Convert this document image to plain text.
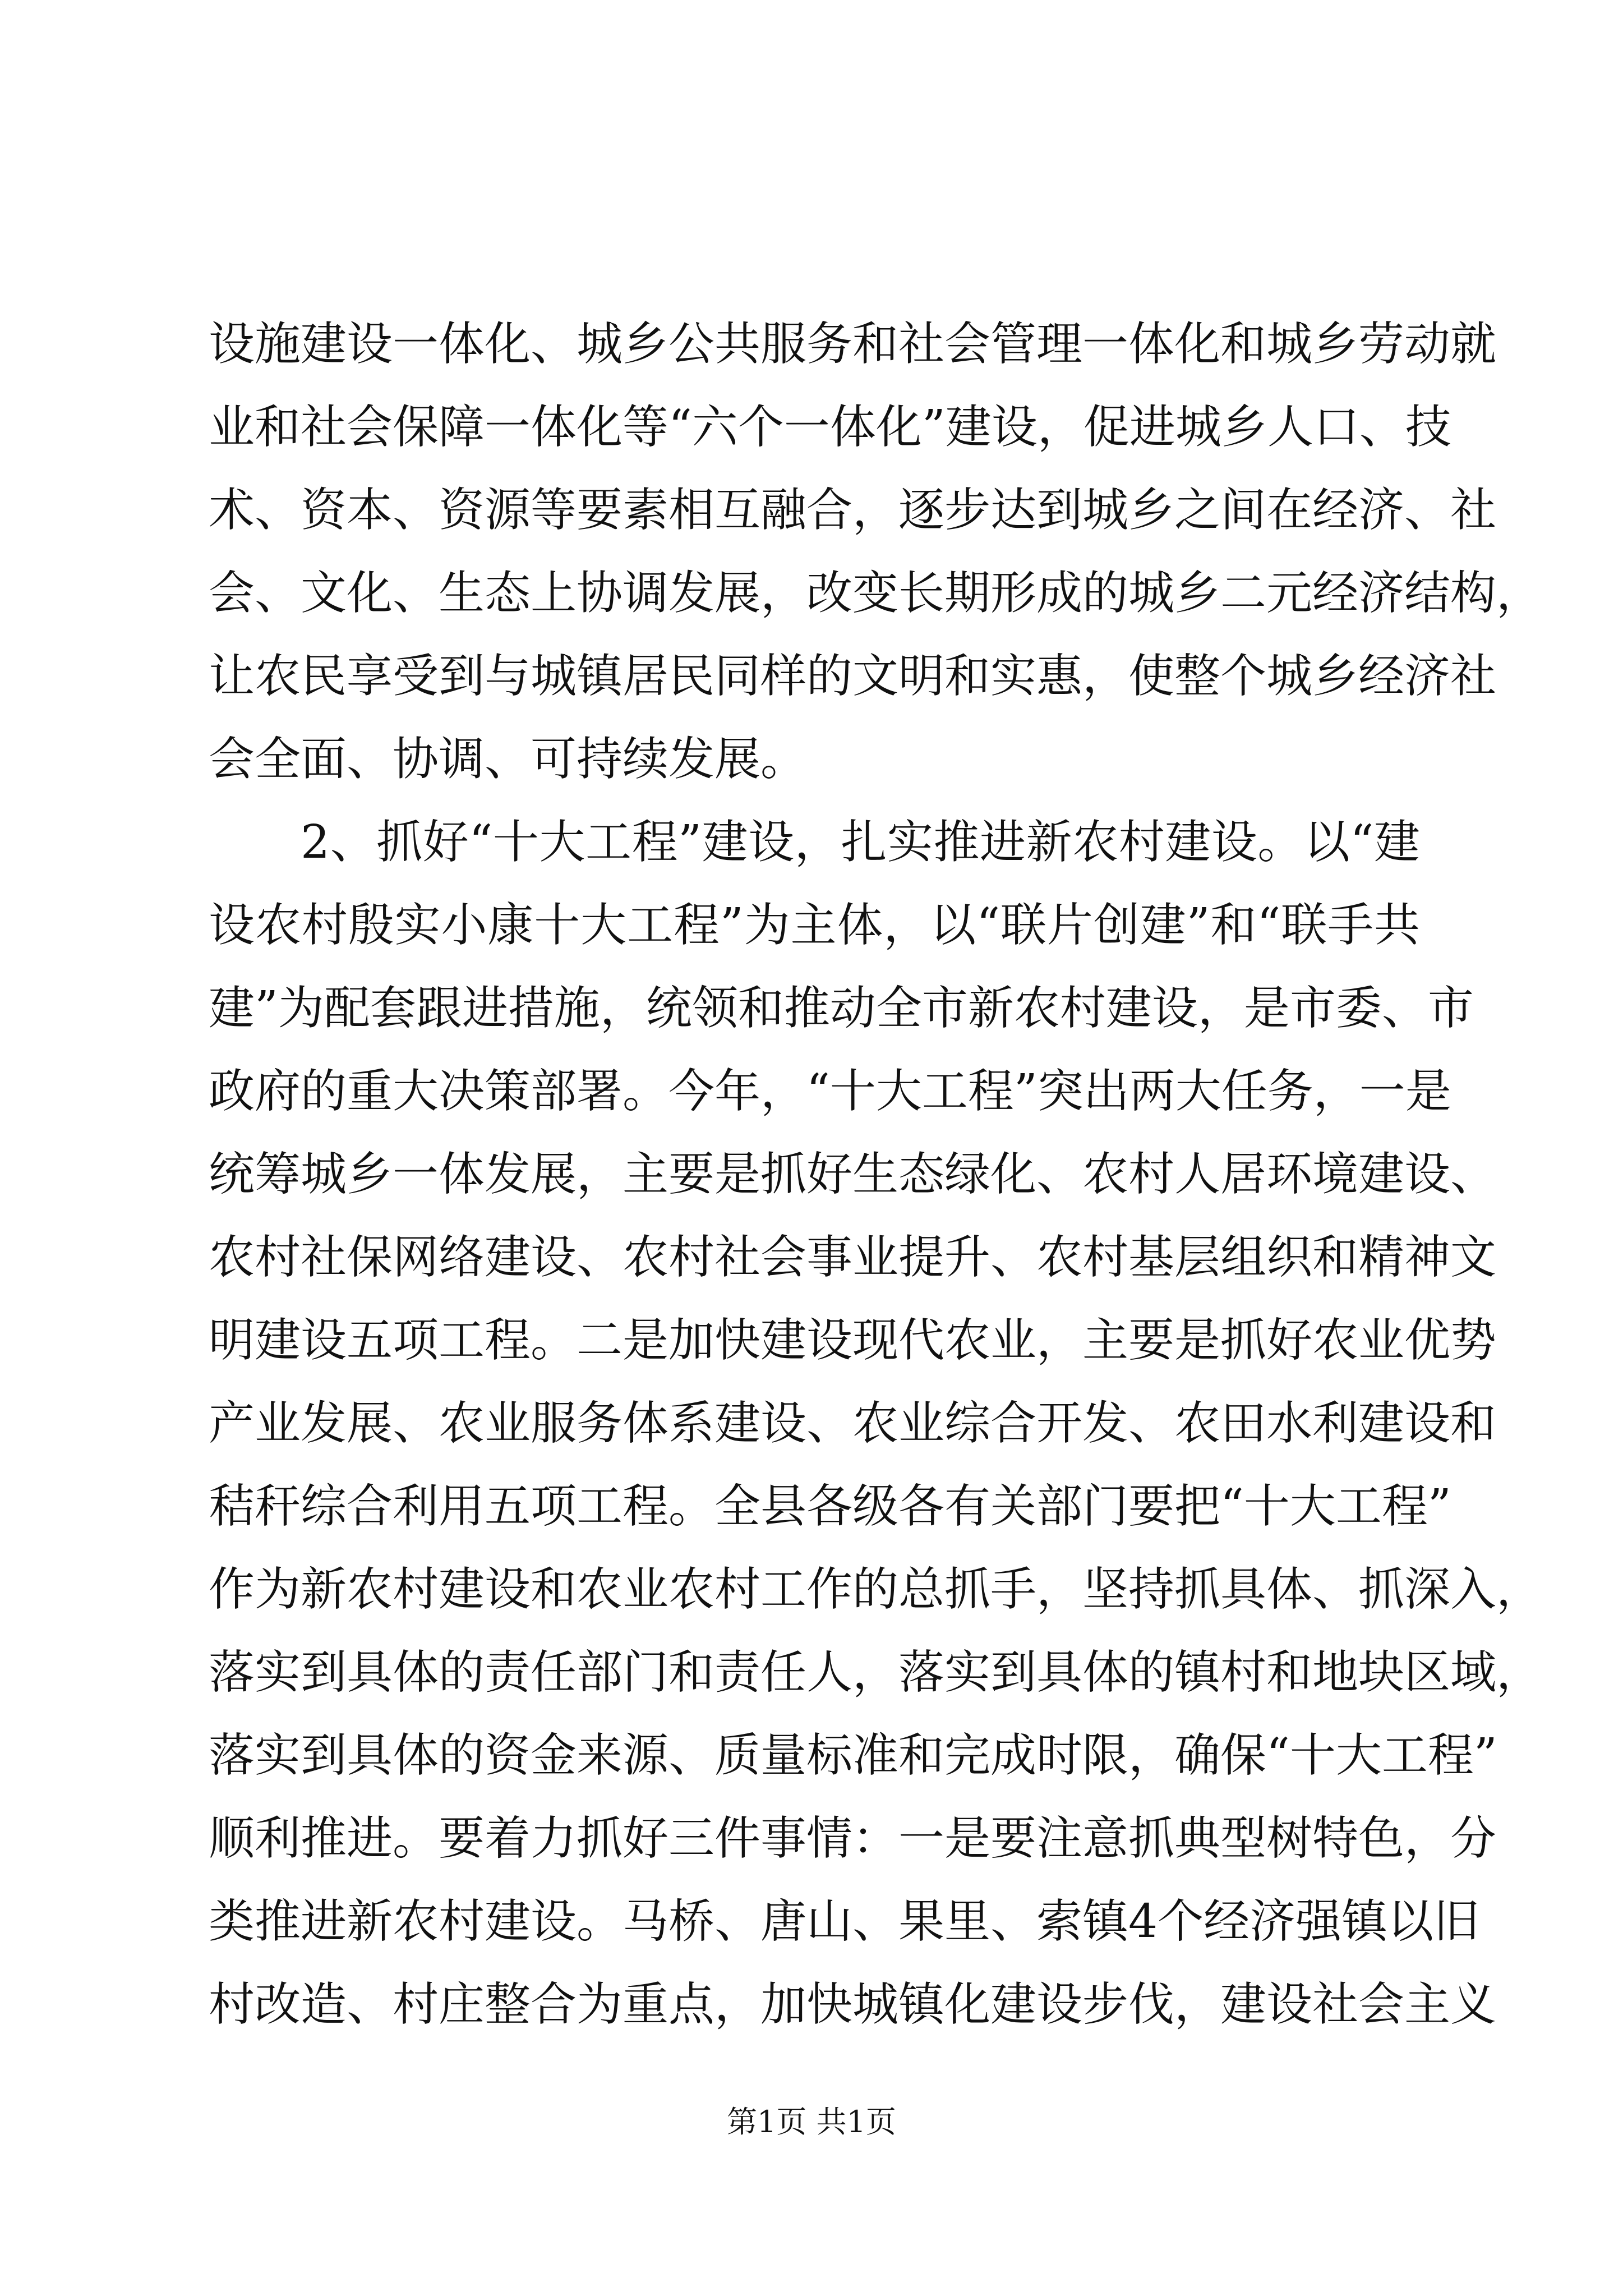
设施建设一体化、城乡公共服务和社会管理一体化和城乡劳动就
业和社会保障一体化等“六个一体化”建设，促进城乡人口、技
术、资本、资源等要素相互融合，逐步达到城乡之间在经济、社
会、文化、生态上协调发展，改变长期形成的城乡二元经济结构，
让农民享受到与城镇居民同样的文明和实惠，使整个城乡经济社
会全面、协调、可持续发展。
2、抓好“十大工程”建设，扎实推进新农村建设。以“建
设农村殷实小康十大工程”为主体，以“联片创建”和“联手共
建”为配套跟进措施，统领和推动全市新农村建设，是市委、市
政府的重大决策部署。今年，“十大工程”突出两大任务，一是
统筹城乡一体发展，主要是抓好生态绿化、农村人居环境建设、
农村社保网络建设、农村社会事业提升、农村基层组织和精神文
明建设五项工程。二是加快建设现代农业，主要是抓好农业优势
产业发展、农业服务体系建设、农业综合开发、农田水利建设和
秸秆综合利用五项工程。全县各级各有关部门要把“十大工程”
作为新农村建设和农业农村工作的总抓手，坚持抓具体、抓深入，
落实到具体的责任部门和责任人，落实到具体的镇村和地块区域，
落实到具体的资金来源、质量标准和完成时限，确保“十大工程”
顺利推进。要着力抓好三件事情：一是要注意抓典型树特色，分
类推进新农村建设。马桥、唐山、果里、索镇4个经济强镇以旧
村改造、村庄整合为重点，加快城镇化建设步伐，建设社会主义
第1页 共1页
